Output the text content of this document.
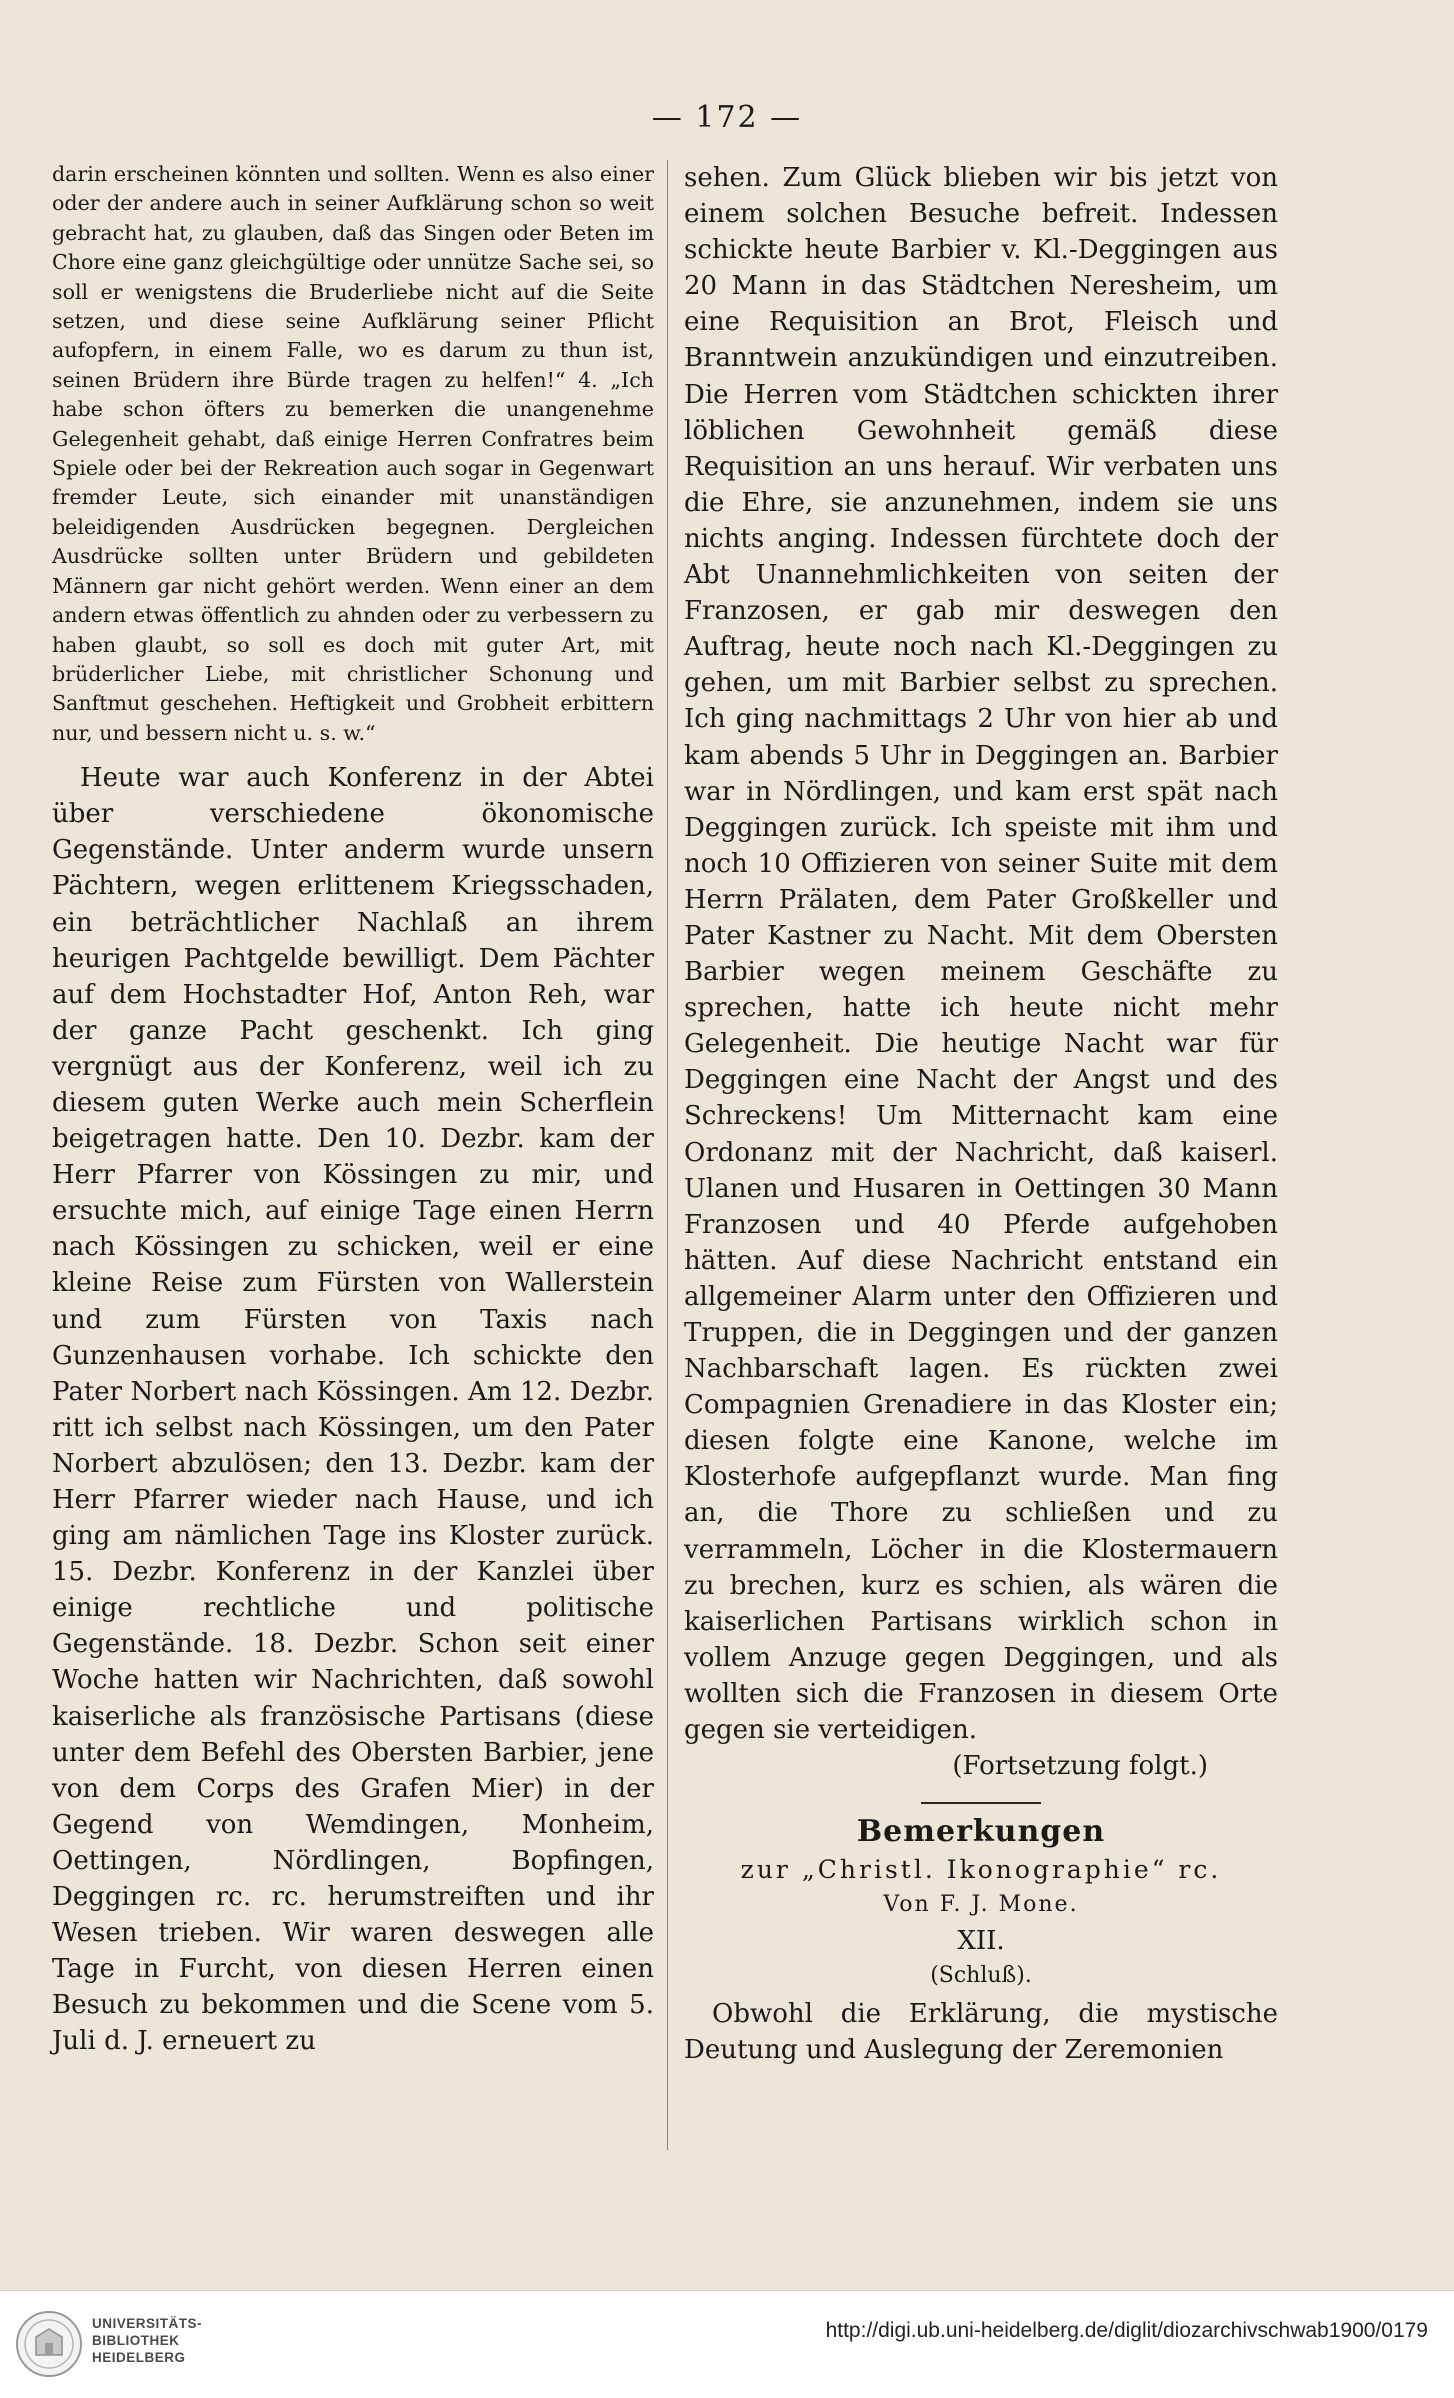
— 172 —

darin erscheinen könnten und sollten. Wenn es also einer oder der andere auch in seiner Aufklärung schon so weit gebracht hat, zu glauben, daß das Singen oder Beten im Chore eine ganz gleichgültige oder unnütze Sache sei, so soll er wenigstens die Bruderliebe nicht auf die Seite setzen, und diese seine Aufklärung seiner Pflicht aufopfern, in einem Falle, wo es darum zu thun ist, seinen Brüdern ihre Bürde tragen zu helfen!“ 4. „Ich habe schon öfters zu bemerken die unangenehme Gelegenheit gehabt, daß einige Herren Confratres beim Spiele oder bei der Rekreation auch sogar in Gegenwart fremder Leute, sich einander mit unanständigen beleidigenden Ausdrücken begegnen. Dergleichen Ausdrücke sollten unter Brüdern und gebildeten Männern gar nicht gehört werden. Wenn einer an dem andern etwas öffentlich zu ahnden oder zu verbessern zu haben glaubt, so soll es doch mit guter Art, mit brüderlicher Liebe, mit christlicher Schonung und Sanftmut geschehen. Heftigkeit und Grobheit erbittern nur, und bessern nicht u. s. w.“

Heute war auch Konferenz in der Abtei über verschiedene ökonomische Gegenstände. Unter anderm wurde unsern Pächtern, wegen erlittenem Kriegsschaden, ein beträchtlicher Nachlaß an ihrem heurigen Pachtgelde bewilligt. Dem Pächter auf dem Hochstadter Hof, Anton Reh, war der ganze Pacht geschenkt. Ich ging vergnügt aus der Konferenz, weil ich zu diesem guten Werke auch mein Scherflein beigetragen hatte. Den 10. Dezbr. kam der Herr Pfarrer von Kössingen zu mir, und ersuchte mich, auf einige Tage einen Herrn nach Kössingen zu schicken, weil er eine kleine Reise zum Fürsten von Wallerstein und zum Fürsten von Taxis nach Gunzenhausen vorhabe. Ich schickte den Pater Norbert nach Kössingen. Am 12. Dezbr. ritt ich selbst nach Kössingen, um den Pater Norbert abzulösen; den 13. Dezbr. kam der Herr Pfarrer wieder nach Hause, und ich ging am nämlichen Tage ins Kloster zurück. 15. Dezbr. Konferenz in der Kanzlei über einige rechtliche und politische Gegenstände. 18. Dezbr. Schon seit einer Woche hatten wir Nachrichten, daß sowohl kaiserliche als französische Partisans (diese unter dem Befehl des Obersten Barbier, jene von dem Corps des Grafen Mier) in der Gegend von Wemdingen, Monheim, Oettingen, Nördlingen, Bopfingen, Deggingen rc. rc. herumstreiften und ihr Wesen trieben. Wir waren deswegen alle Tage in Furcht, von diesen Herren einen Besuch zu bekommen und die Scene vom 5. Juli d. J. erneuert zu

sehen. Zum Glück blieben wir bis jetzt von einem solchen Besuche befreit. Indessen schickte heute Barbier v. Kl.-Deggingen aus 20 Mann in das Städtchen Neresheim, um eine Requisition an Brot, Fleisch und Branntwein anzukündigen und einzutreiben. Die Herren vom Städtchen schickten ihrer löblichen Gewohnheit gemäß diese Requisition an uns herauf. Wir verbaten uns die Ehre, sie anzunehmen, indem sie uns nichts anging. Indessen fürchtete doch der Abt Unannehmlichkeiten von seiten der Franzosen, er gab mir deswegen den Auftrag, heute noch nach Kl.-Deggingen zu gehen, um mit Barbier selbst zu sprechen. Ich ging nachmittags 2 Uhr von hier ab und kam abends 5 Uhr in Deggingen an. Barbier war in Nördlingen, und kam erst spät nach Deggingen zurück. Ich speiste mit ihm und noch 10 Offizieren von seiner Suite mit dem Herrn Prälaten, dem Pater Großkeller und Pater Kastner zu Nacht. Mit dem Obersten Barbier wegen meinem Geschäfte zu sprechen, hatte ich heute nicht mehr Gelegenheit. Die heutige Nacht war für Deggingen eine Nacht der Angst und des Schreckens! Um Mitternacht kam eine Ordonanz mit der Nachricht, daß kaiserl. Ulanen und Husaren in Oettingen 30 Mann Franzosen und 40 Pferde aufgehoben hätten. Auf diese Nachricht entstand ein allgemeiner Alarm unter den Offizieren und Truppen, die in Deggingen und der ganzen Nachbarschaft lagen. Es rückten zwei Compagnien Grenadiere in das Kloster ein; diesen folgte eine Kanone, welche im Klosterhofe aufgepflanzt wurde. Man fing an, die Thore zu schließen und zu verrammeln, Löcher in die Klostermauern zu brechen, kurz es schien, als wären die kaiserlichen Partisans wirklich schon in vollem Anzuge gegen Deggingen, und als wollten sich die Franzosen in diesem Orte gegen sie verteidigen.

(Fortsetzung folgt.)
Bemerkungen
zur „Christl. Ikonographie“ rc.
Von F. J. Mone.
XII.
(Schluß).

Obwohl die Erklärung, die mystische Deutung und Auslegung der Zeremonien

UNIVERSITÄTS-
BIBLIOTHEK
HEIDELBERG
http://digi.ub.uni-heidelberg.de/diglit/diozarchivschwab1900/0179
